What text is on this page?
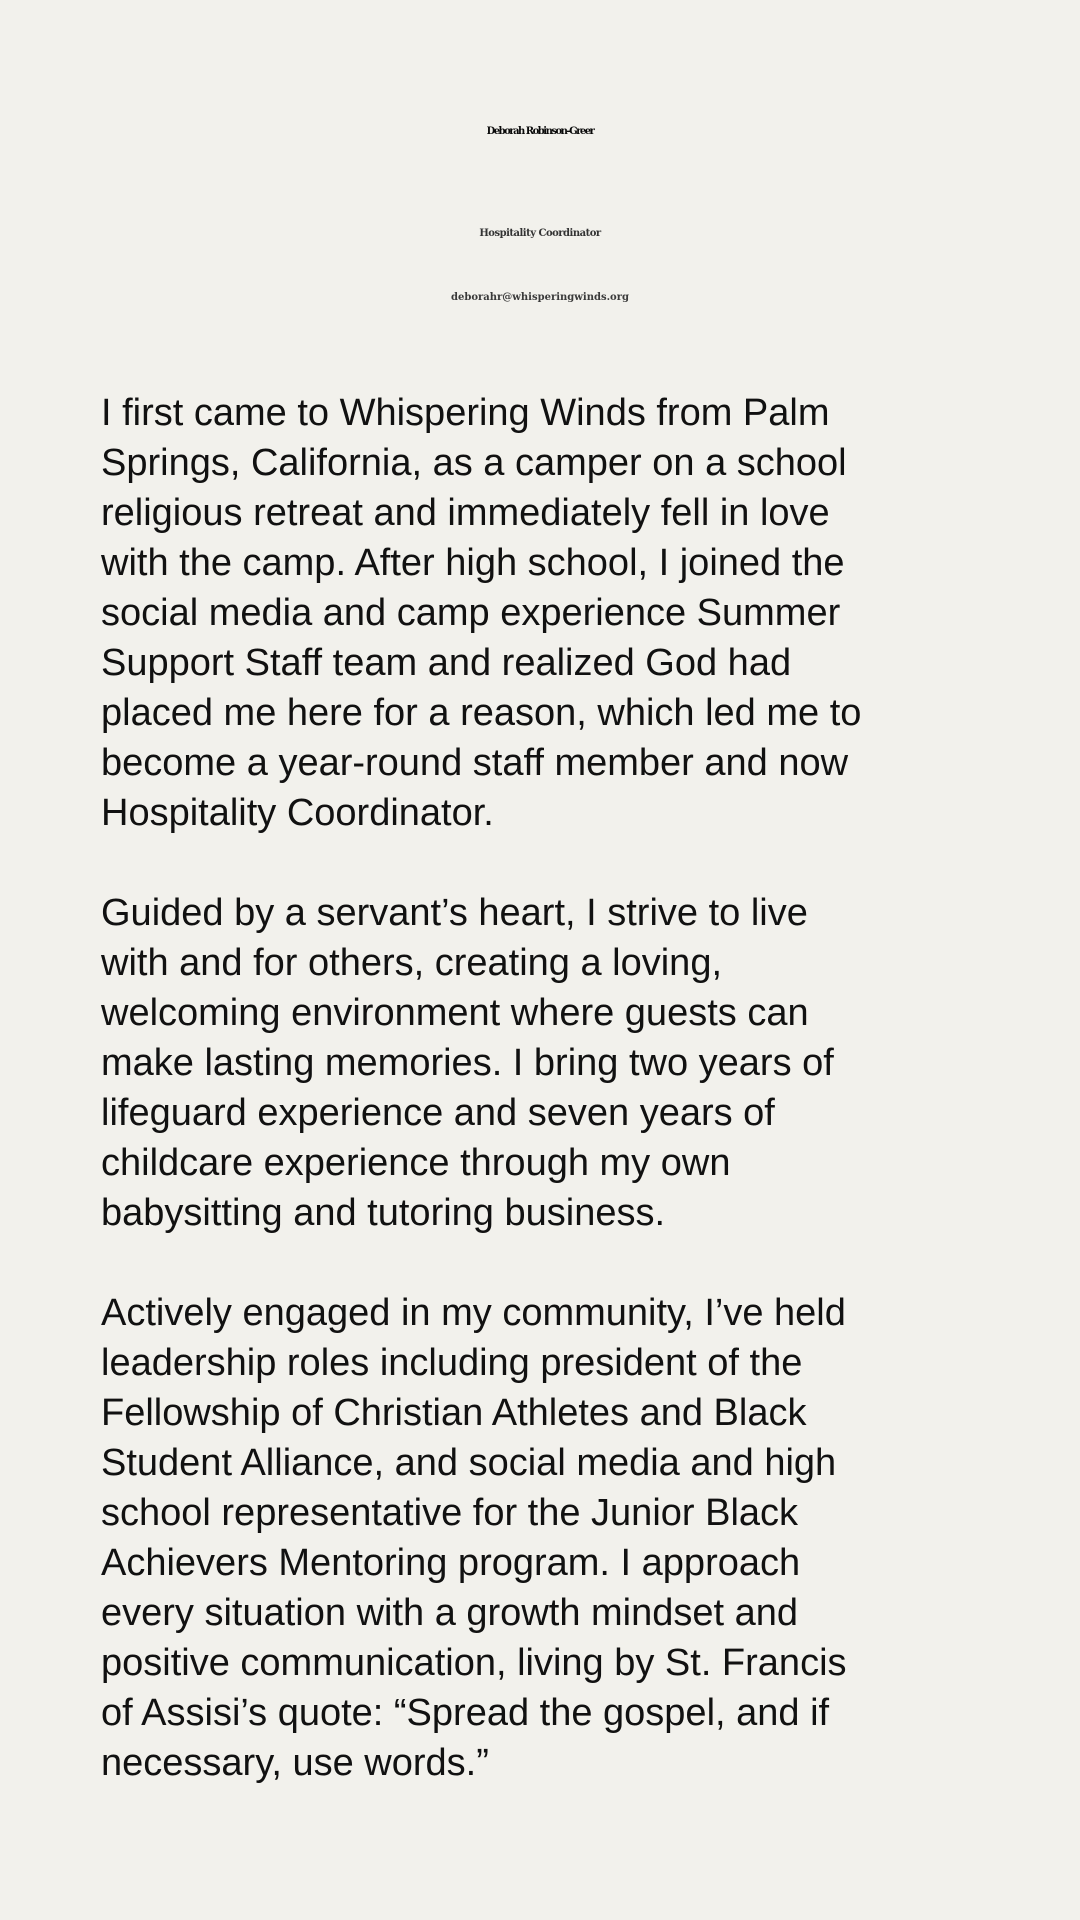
Deborah Robinson-Greer
Hospitality Coordinator
deborahr@whisperingwinds.org

I first came to Whispering Winds from Palm
Springs, California, as a camper on a school
religious retreat and immediately fell in love
with the camp. After high school, I joined the
social media and camp experience Summer
Support Staff team and realized God had
placed me here for a reason, which led me to
become a year-round staff member and now
Hospitality Coordinator.

Guided by a servant’s heart, I strive to live
with and for others, creating a loving,
welcoming environment where guests can
make lasting memories. I bring two years of
lifeguard experience and seven years of
childcare experience through my own
babysitting and tutoring business.

Actively engaged in my community, I’ve held
leadership roles including president of the
Fellowship of Christian Athletes and Black
Student Alliance, and social media and high
school representative for the Junior Black
Achievers Mentoring program. I approach
every situation with a growth mindset and
positive communication, living by St. Francis
of Assisi’s quote: “Spread the gospel, and if
necessary, use words.”
